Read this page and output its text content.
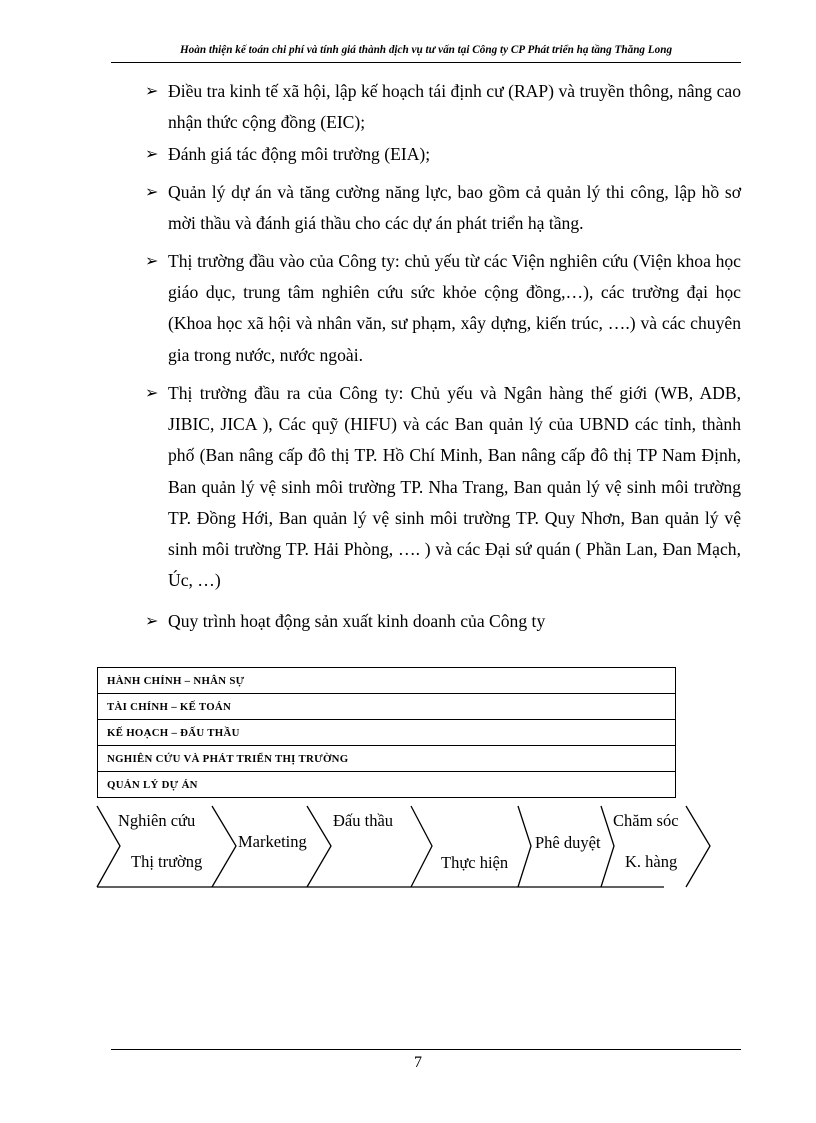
Hoàn thiện kế toán chi phí và tính giá thành dịch vụ tư vấn tại Công ty CP Phát triển hạ tầng Thăng Long
➢ Điều tra kinh tế xã hội, lập kế hoạch tái định cư (RAP) và truyền thông, nâng cao nhận thức cộng đồng (EIC);
➢ Đánh giá tác động môi trường (EIA);
➢ Quản lý dự án và tăng cường năng lực, bao gồm cả quản lý thi công, lập hồ sơ mời thầu và đánh giá thầu cho các dự án phát triển hạ tầng.
➢ Thị trường đầu vào của Công ty: chủ yếu từ các Viện nghiên cứu (Viện khoa học giáo dục, trung tâm nghiên cứu sức khỏe cộng đồng,…), các trường đại học (Khoa học xã hội và nhân văn, sư phạm, xây dựng, kiến trúc, ….) và các chuyên gia trong nước, nước ngoài.
➢ Thị trường đầu ra của Công ty: Chủ yếu và Ngân hàng thế giới (WB, ADB, JIBIC, JICA ), Các quỹ (HIFU) và các Ban quản lý của UBND các tỉnh, thành phố (Ban nâng cấp đô thị TP. Hồ Chí Minh, Ban nâng cấp đô thị TP Nam Định, Ban quản lý vệ sinh môi trường TP. Nha Trang, Ban quản lý vệ sinh môi trường TP. Đồng Hới, Ban quản lý vệ sinh môi trường TP. Quy Nhơn, Ban quản lý vệ sinh môi trường TP. Hải Phòng, …. ) và các Đại sứ quán ( Phần Lan, Đan Mạch, Úc, …)
➢ Quy trình hoạt động sản xuất kinh doanh của Công ty
HÀNH CHÍNH – NHÂN SỰ
TÀI CHÍNH – KẾ TOÁN
KẾ HOẠCH – ĐẤU THẦU
NGHIÊN CỨU VÀ PHÁT TRIỂN THỊ TRƯỜNG
QUẢN LÝ DỰ ÁN
Nghiên cứu
Thị trường
Marketing
Đấu thầu
Thực hiện
Phê duyệt
Chăm sóc
K. hàng
7
